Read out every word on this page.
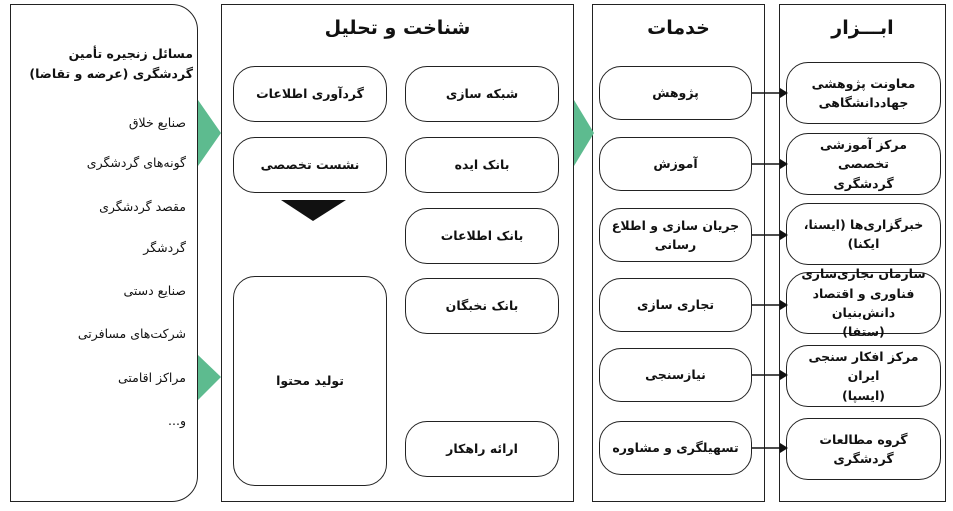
مسائل زنجیره تأمین گردشگری (عرضه و تقاضا)
صنایع خلاق
گونه‌های گردشگری
مقصد گردشگری
گردشگر
صنایع دستی
شرکت‌های مسافرتی
مراکز اقامتی
و...
شناخت و تحلیل	خدمات	ابـــزار
شبکه سازی
بانک ایده
بانک اطلاعات
بانک نخبگان
ارائه راهکار
گردآوری اطلاعات
نشست تخصصی
تولید محتوا
پژوهش
آموزش
جریان سازی و اطلاع رسانی
تجاری سازی
نیازسنجی
تسهیلگری و مشاوره
معاونت پژوهشی
جهاددانشگاهی
مرکز آموزشی تخصصی
گردشگری
خبرگزاری‌ها (ایسنا، ایکنا)
سازمان تجاری‌سازی
فناوری و اقتصاد دانش‌بنیان
(ستفا)
مرکز افکار سنجی ایران
(ایسپا)
گروه مطالعات
گردشگری
